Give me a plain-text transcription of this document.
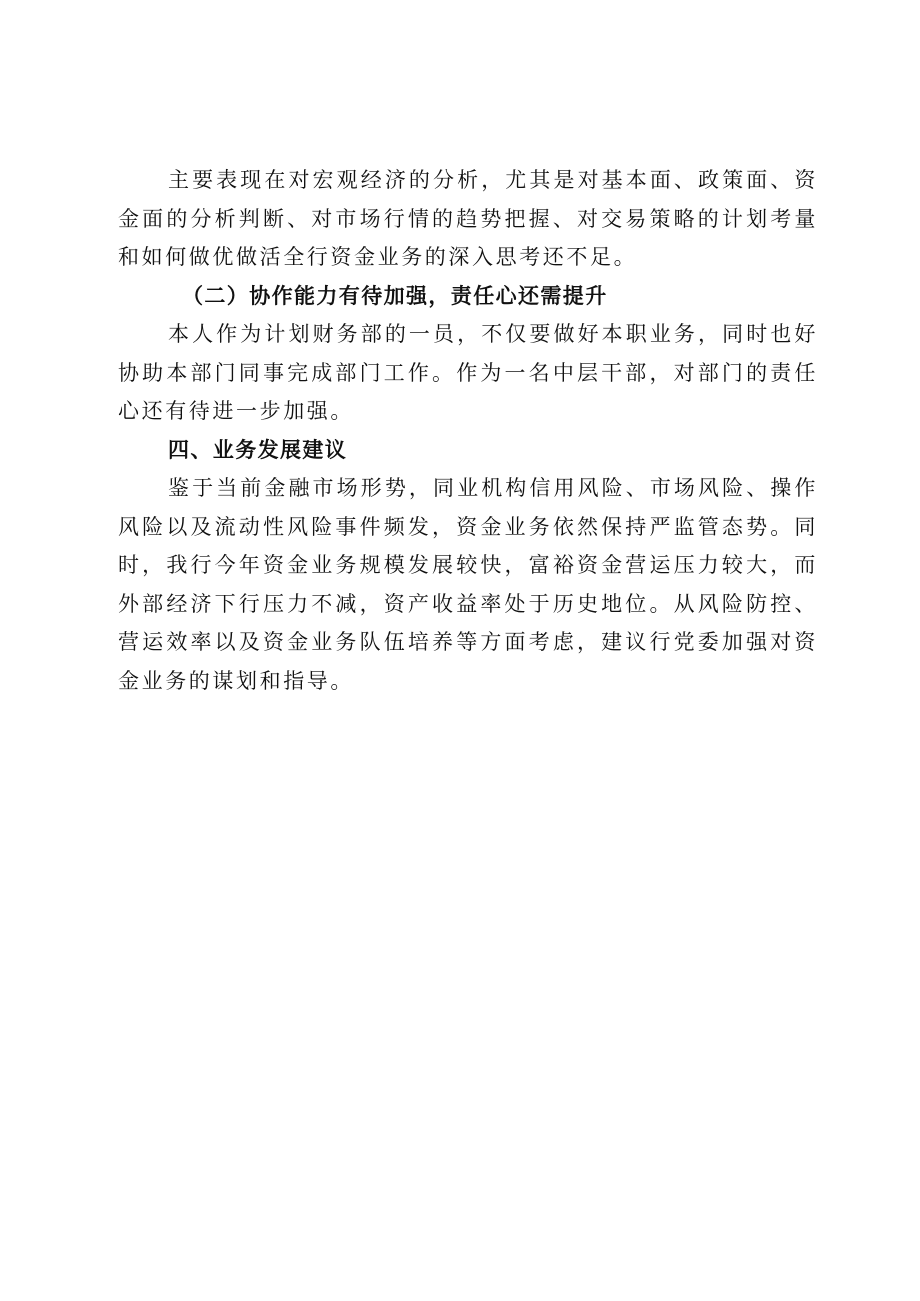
主要表现在对宏观经济的分析，尤其是对基本面、政策面、资金面的分析判断、对市场行情的趋势把握、对交易策略的计划考量和如何做优做活全行资金业务的深入思考还不足。

（二）协作能力有待加强，责任心还需提升

本人作为计划财务部的一员，不仅要做好本职业务，同时也好协助本部门同事完成部门工作。作为一名中层干部，对部门的责任心还有待进一步加强。

四、业务发展建议

鉴于当前金融市场形势，同业机构信用风险、市场风险、操作风险以及流动性风险事件频发，资金业务依然保持严监管态势。同时，我行今年资金业务规模发展较快，富裕资金营运压力较大，而外部经济下行压力不减，资产收益率处于历史地位。从风险防控、营运效率以及资金业务队伍培养等方面考虑，建议行党委加强对资金业务的谋划和指导。
